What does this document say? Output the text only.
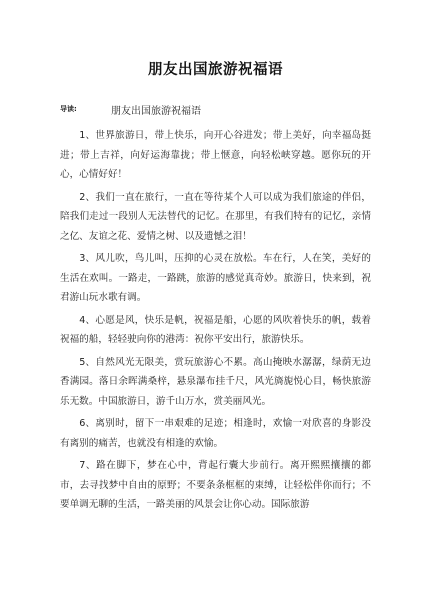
朋友出国旅游祝福语
导读:	朋友出国旅游祝福语

1、世界旅游日，带上快乐，向开心谷进发；带上美好，向幸福岛挺进；带上吉祥，向好运海靠拢；带上惬意，向轻松峡穿越。愿你玩的开心，心情好好！

2、我们一直在旅行，一直在等待某个人可以成为我们旅途的伴侣，陪我们走过一段别人无法替代的记忆。在那里，有我们特有的记忆，亲情之亿、友谊之花、爱情之树、以及遗憾之泪！

3、风儿吹，鸟儿叫，压抑的心灵在放松。车在行，人在笑，美好的生活在欢叫。一路走，一路跳，旅游的感觉真奇妙。旅游日，快来到，祝君游山玩水歌有调。

4、心愿是风，快乐是帆，祝福是船，心愿的风吹着快乐的帆，载着祝福的船，轻轻驶向你的港湾：祝你平安出行，旅游快乐。

5、自然风光无限美，赏玩旅游心不累。高山掩映水潺潺，绿荫无边香满园。落日余晖满桑梓，悬泉瀑布挂千尺，风光旖旎悦心目，畅快旅游乐无数。中国旅游日，游千山万水，赏美丽风光。

6、离别时，留下一串艰难的足迹；相逢时，欢愉一对欣喜的身影没有离别的痛苦，也就没有相逢的欢愉。

7、路在脚下，梦在心中，背起行囊大步前行。离开熙熙攘攘的都市，去寻找梦中自由的原野；不要条条框框的束缚，让轻松伴你而行；不要单调无聊的生活，一路美丽的风景会让你心动。国际旅游
